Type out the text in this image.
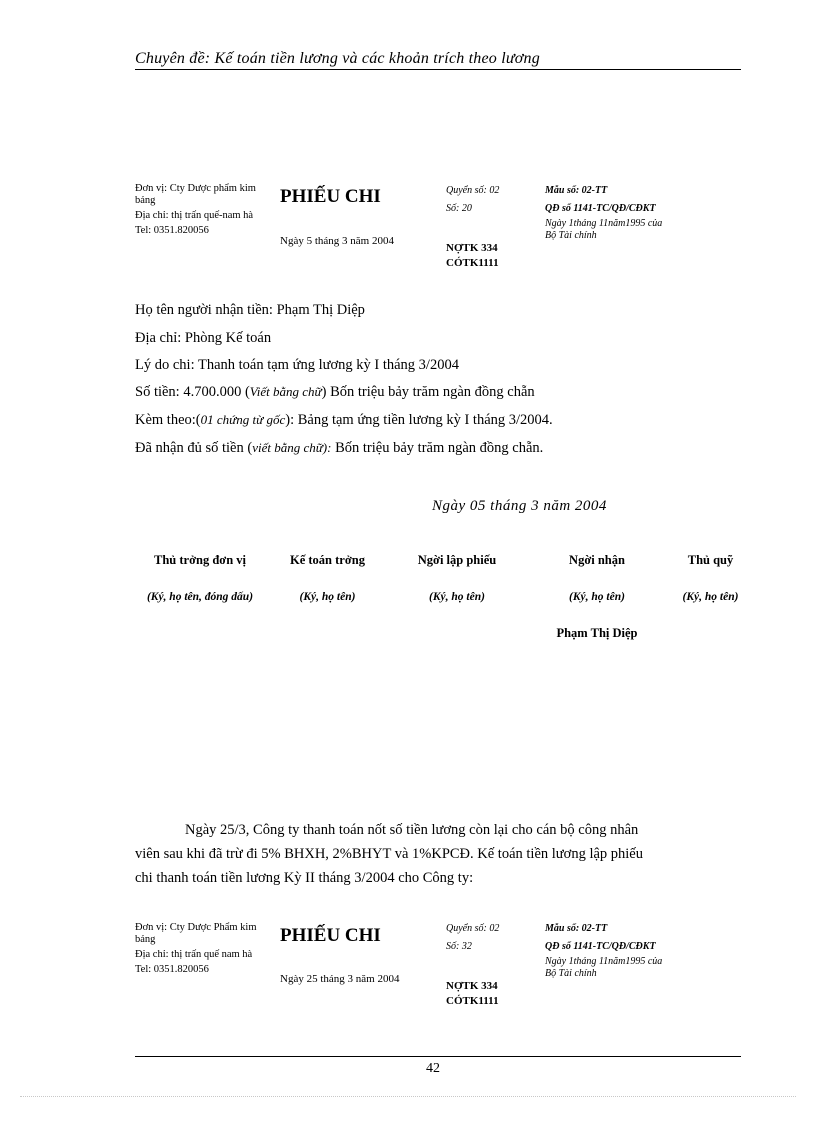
Chuyên đề: Kế toán tiền lương và các khoản trích theo lương
Đơn vị: Cty Dược phẩm kim bảng
Địa chỉ: thị trấn quế-nam hà
Tel: 0351.820056
PHIẾU CHI
Ngày 5 tháng 3 năm 2004
Quyển số: 02
Số: 20
NỢTK 334
CÓTK1111
Mẫu số: 02-TT
QĐ số 1141-TC/QĐ/CĐKT
Ngày 1tháng 11năm1995 của
Bộ Tài chính
Họ tên người nhận tiền: Phạm Thị Diệp
Địa chỉ: Phòng Kế toán
Lý do chi: Thanh toán tạm ứng lương kỳ I tháng 3/2004
Số tiền: 4.700.000 (Viết bằng chữ) Bốn triệu bảy trăm ngàn đồng chẵn
Kèm theo:(01 chứng từ gốc): Bảng tạm ứng tiền lương kỳ I tháng 3/2004.
Đã nhận đủ số tiền (viết bằng chữ): Bốn triệu bảy trăm ngàn đồng chẵn.
Ngày 05 tháng 3 năm 2004
Thủ trởng đơn vị	Kế toán trởng	Ngời lập phiếu	Ngời nhận	Thủ quỹ
(Ký, họ tên, đóng dấu)	(Ký, họ tên)	(Ký, họ tên)	(Ký, họ tên)	(Ký, họ tên)
Phạm Thị Diệp
Ngày 25/3, Công ty thanh toán nốt số tiền lương còn lại cho cán bộ công nhân
viên sau khi đã trừ đi 5% BHXH, 2%BHYT và 1%KPCĐ. Kế toán tiền lương lập phiếu
chi thanh toán tiền lương Kỳ II tháng 3/2004 cho Công ty:
Đơn vị: Cty Dược Phẩm kim bảng
Địa chỉ: thị trấn quế nam hà
Tel: 0351.820056
PHIẾU CHI
Ngày 25 tháng 3 năm 2004
Quyển số: 02
Số: 32
NỢTK 334
CÓTK1111
Mẫu số: 02-TT
QĐ số 1141-TC/QĐ/CĐKT
Ngày 1tháng 11năm1995 của
Bộ Tài chính
42
